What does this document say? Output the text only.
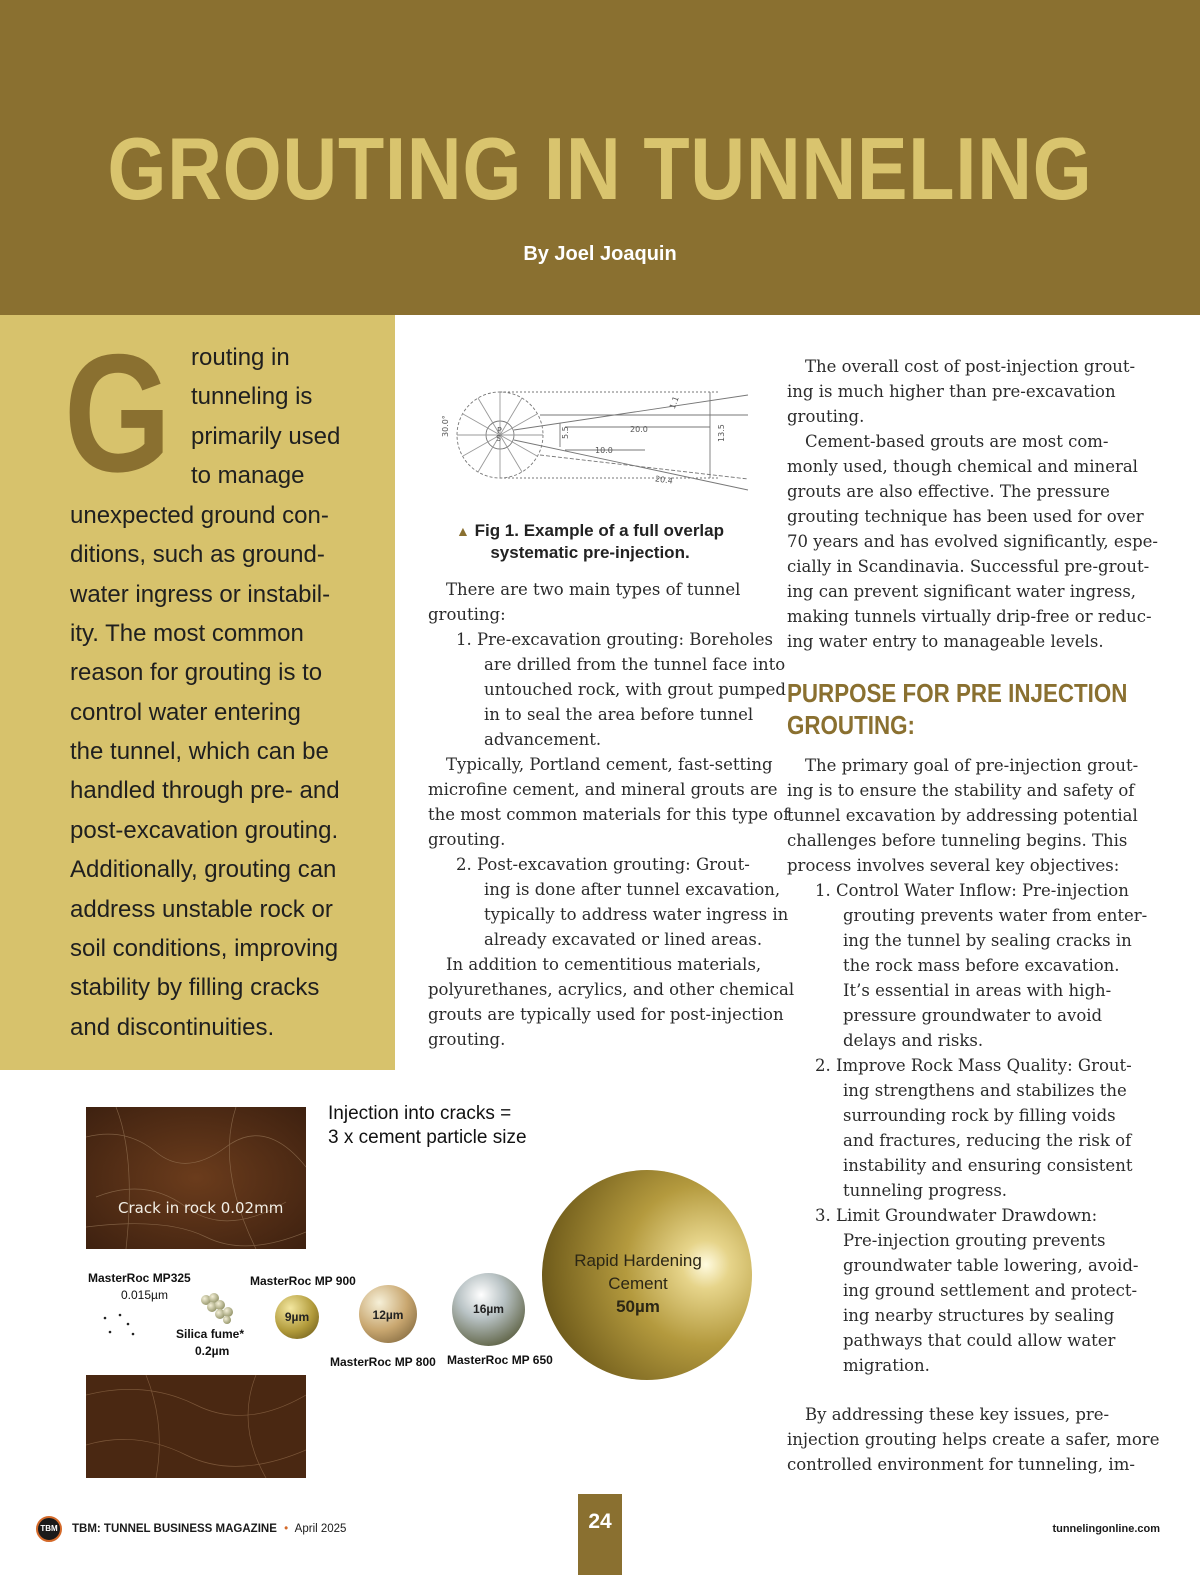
GROUTING IN TUNNELING
By Joel Joaquin
G routing in
tunneling is
primarily used
to manage
unexpected ground con-
ditions, such as ground-
water ingress or instabil-
ity. The most common
reason for grouting is to
control water entering
the tunnel, which can be
handled through pre- and
post-excavation grouting.
Additionally, grouting can
address unstable rock or
soil conditions, improving
stability by filling cracks
and discontinuities.
30.0°	P
S	5.5
10.0
20.0
20.4
13.5
1.1
▲ Fig 1. Example of a full overlap
systematic pre-injection.
There are two main types of tunnel
grouting:
1. Pre-excavation grouting: Boreholes
are drilled from the tunnel face into
untouched rock, with grout pumped
in to seal the area before tunnel
advancement.
Typically, Portland cement, fast-setting
microfine cement, and mineral grouts are
the most common materials for this type of
grouting.
2. Post-excavation grouting: Grout-
ing is done after tunnel excavation,
typically to address water ingress in
already excavated or lined areas.
In addition to cementitious materials,
polyurethanes, acrylics, and other chemical
grouts are typically used for post-injection
grouting.
The overall cost of post-injection grout-
ing is much higher than pre-excavation
grouting.
Cement-based grouts are most com-
monly used, though chemical and mineral
grouts are also effective. The pressure
grouting technique has been used for over
70 years and has evolved significantly, espe-
cially in Scandinavia. Successful pre-grout-
ing can prevent significant water ingress,
making tunnels virtually drip-free or reduc-
ing water entry to manageable levels.
PURPOSE FOR PRE INJECTION
GROUTING:
The primary goal of pre-injection grout-
ing is to ensure the stability and safety of
tunnel excavation by addressing potential
challenges before tunneling begins. This
process involves several key objectives:
1. Control Water Inflow: Pre-injection
grouting prevents water from enter-
ing the tunnel by sealing cracks in
the rock mass before excavation.
It’s essential in areas with high-
pressure groundwater to avoid
delays and risks.
2. Improve Rock Mass Quality: Grout-
ing strengthens and stabilizes the
surrounding rock by filling voids
and fractures, reducing the risk of
instability and ensuring consistent
tunneling progress.
3. Limit Groundwater Drawdown:
Pre-injection grouting prevents
groundwater table lowering, avoid-
ing ground settlement and protect-
ing nearby structures by sealing
pathways that could allow water
migration.
By addressing these key issues, pre-
injection grouting helps create a safer, more
controlled environment for tunneling, im-
Crack in rock 0.02mm
Injection into cracks =
3 x cement particle size
MasterRoc MP325
0.015µm
Silica fume*
0.2µm
MasterRoc MP 900
9µm	12µm
MasterRoc MP 800
16µm
MasterRoc MP 650
Rapid Hardening
Cement
50µm
TBM	TBM: TUNNEL BUSINESS MAGAZINE • April 2025	24	tunnelingonline.com
